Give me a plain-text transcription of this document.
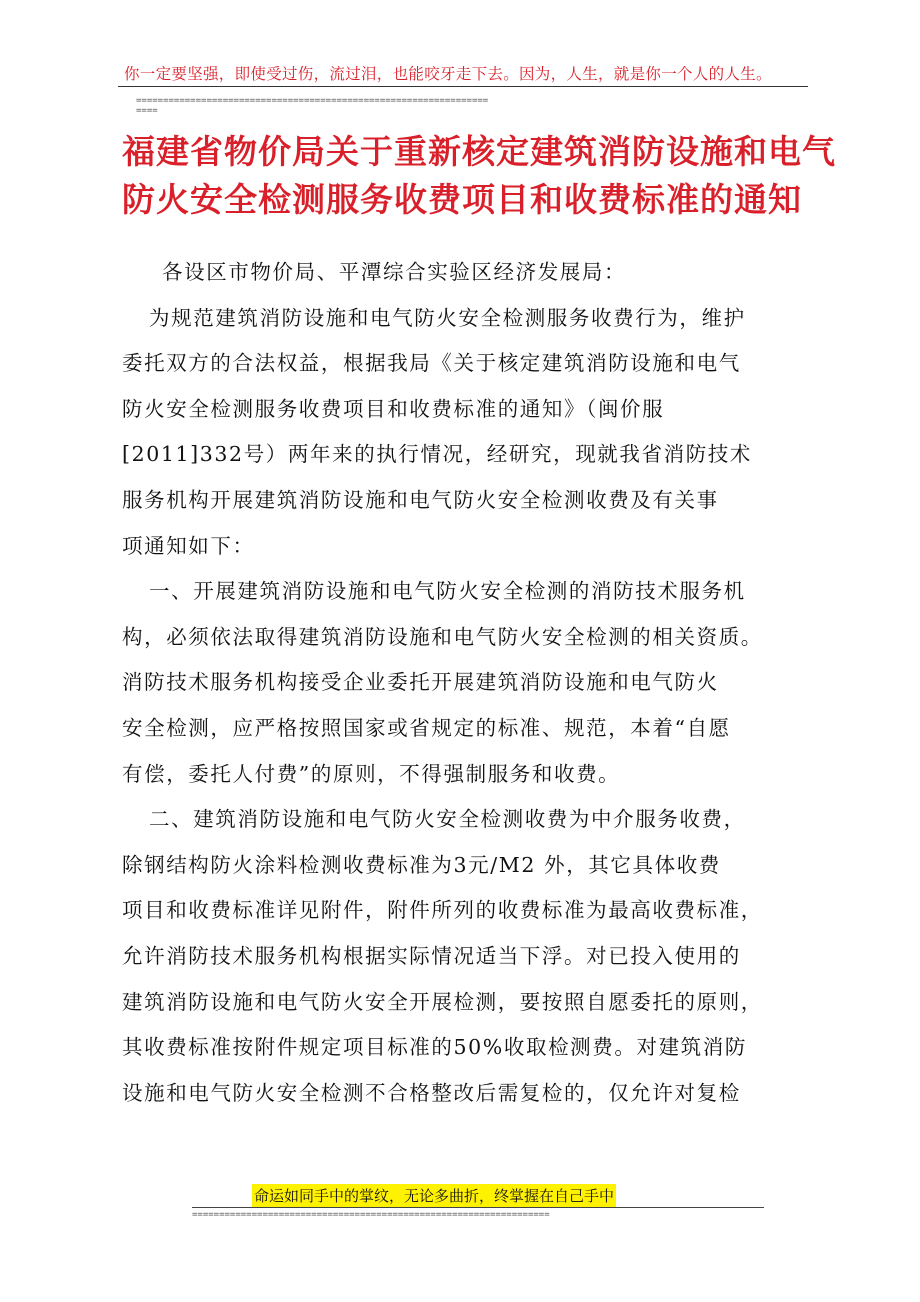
你一定要坚强，即使受过伤，流过泪，也能咬牙走下去。因为，人生，就是你一个人的人生。

=================================================================
====
福建省物价局关于重新核定建筑消防设施和电气
防火安全检测服务收费项目和收费标准的通知
各设区市物价局、平潭综合实验区经济发展局：
为规范建筑消防设施和电气防火安全检测服务收费行为，维护
委托双方的合法权益，根据我局《关于核定建筑消防设施和电气
防火安全检测服务收费项目和收费标准的通知》（闽价服
[2011]332号）两年来的执行情况，经研究，现就我省消防技术
服务机构开展建筑消防设施和电气防火安全检测收费及有关事
项通知如下：
一、开展建筑消防设施和电气防火安全检测的消防技术服务机
构，必须依法取得建筑消防设施和电气防火安全检测的相关资质。
消防技术服务机构接受企业委托开展建筑消防设施和电气防火
安全检测，应严格按照国家或省规定的标准、规范，本着“自愿
有偿，委托人付费”的原则，不得强制服务和收费。
二、建筑消防设施和电气防火安全检测收费为中介服务收费，
除钢结构防火涂料检测收费标准为3元/M2 外，其它具体收费
项目和收费标准详见附件，附件所列的收费标准为最高收费标准，
允许消防技术服务机构根据实际情况适当下浮。对已投入使用的
建筑消防设施和电气防火安全开展检测，要按照自愿委托的原则，
其收费标准按附件规定项目标准的50%收取检测费。对建筑消防
设施和电气防火安全检测不合格整改后需复检的，仅允许对复检

命运如同手中的掌纹，无论多曲折，终掌握在自己手中

==================================================================
